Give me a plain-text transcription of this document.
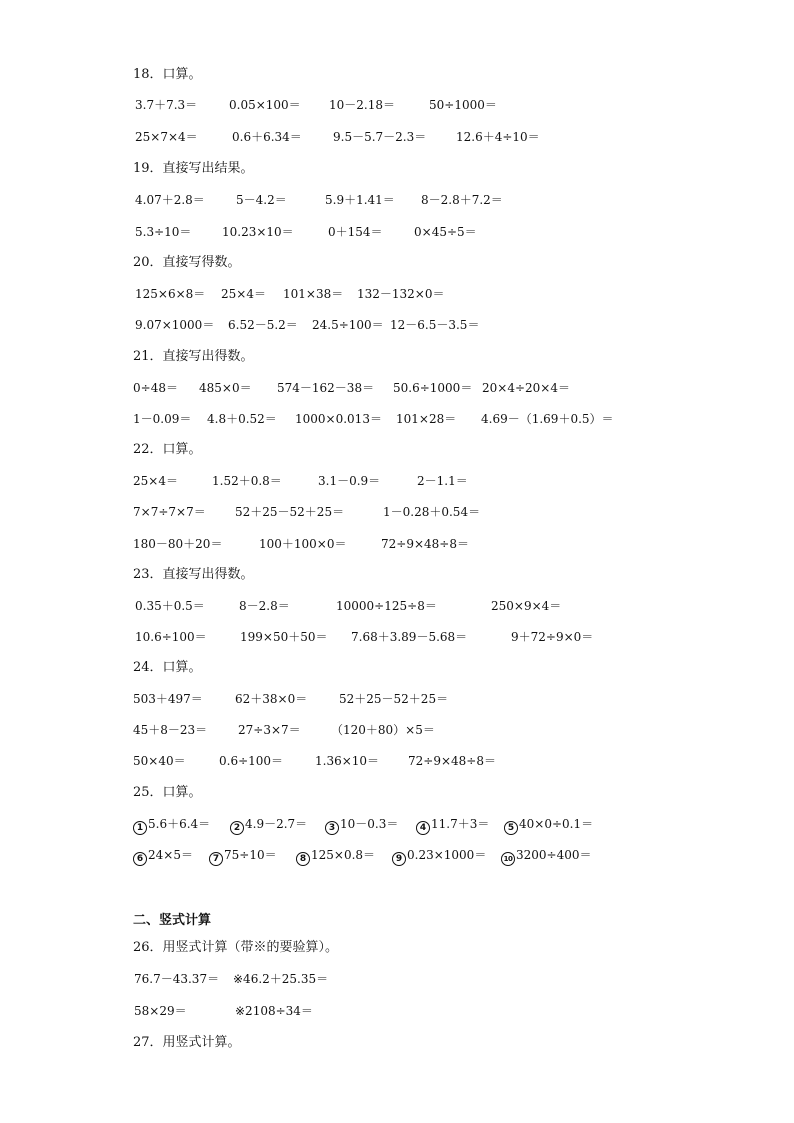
18．口算。
3.7＋7.3＝	0.05×100＝ 10－2.18＝	50÷1000＝
25×7×4＝	0.6＋6.34＝	9.5－5.7－2.3＝ 12.6＋4÷10＝
19．直接写出结果。
4.07＋2.8＝	5－4.2＝	5.9＋1.41＝ 8－2.8＋7.2＝
5.3÷10＝	10.23×10＝	0＋154＝	0×45÷5＝
20．直接写得数。
125×6×8＝ 25×4＝ 101×38＝ 132－132×0＝
9.07×1000＝ 6.52－5.2＝ 24.5÷100＝ 12－6.5－3.5＝
21．直接写出得数。
0÷48＝ 485×0＝ 574－162－38＝ 50.6÷1000＝ 20×4÷20×4＝
1－0.09＝ 4.8＋0.52＝ 1000×0.013＝ 101×28＝ 4.69－（1.69＋0.5）＝
22．口算。
25×4＝	1.52＋0.8＝	3.1－0.9＝	2－1.1＝
7×7÷7×7＝ 52＋25－52＋25＝	1－0.28＋0.54＝
180－80＋20＝	100＋100×0＝	72÷9×48÷8＝
23．直接写出得数。
0.35＋0.5＝	8－2.8＝	10000÷125÷8＝	250×9×4＝
10.6÷100＝	199×50＋50＝ 7.68＋3.89－5.68＝	9＋72÷9×0＝
24．口算。
503＋497＝	62＋38×0＝	52＋25－52＋25＝
45＋8－23＝	27÷3×7＝	（120＋80）×5＝
50×40＝	0.6÷100＝	1.36×10＝ 72÷9×48÷8＝
25．口算。
1 5.6＋6.4＝	2 4.9－2.7＝	3 10－0.3＝	4 11.7＋3＝	5 40×0÷0.1＝
6 24×5＝	7 75÷10＝	8 125×0.8＝	9 0.23×1000＝	10 3200÷400＝
二、竖式计算
26．用竖式计算（带※的要验算）。
76.7－43.37＝ ※46.2＋25.35＝
58×29＝	※2108÷34＝
27．用竖式计算。
